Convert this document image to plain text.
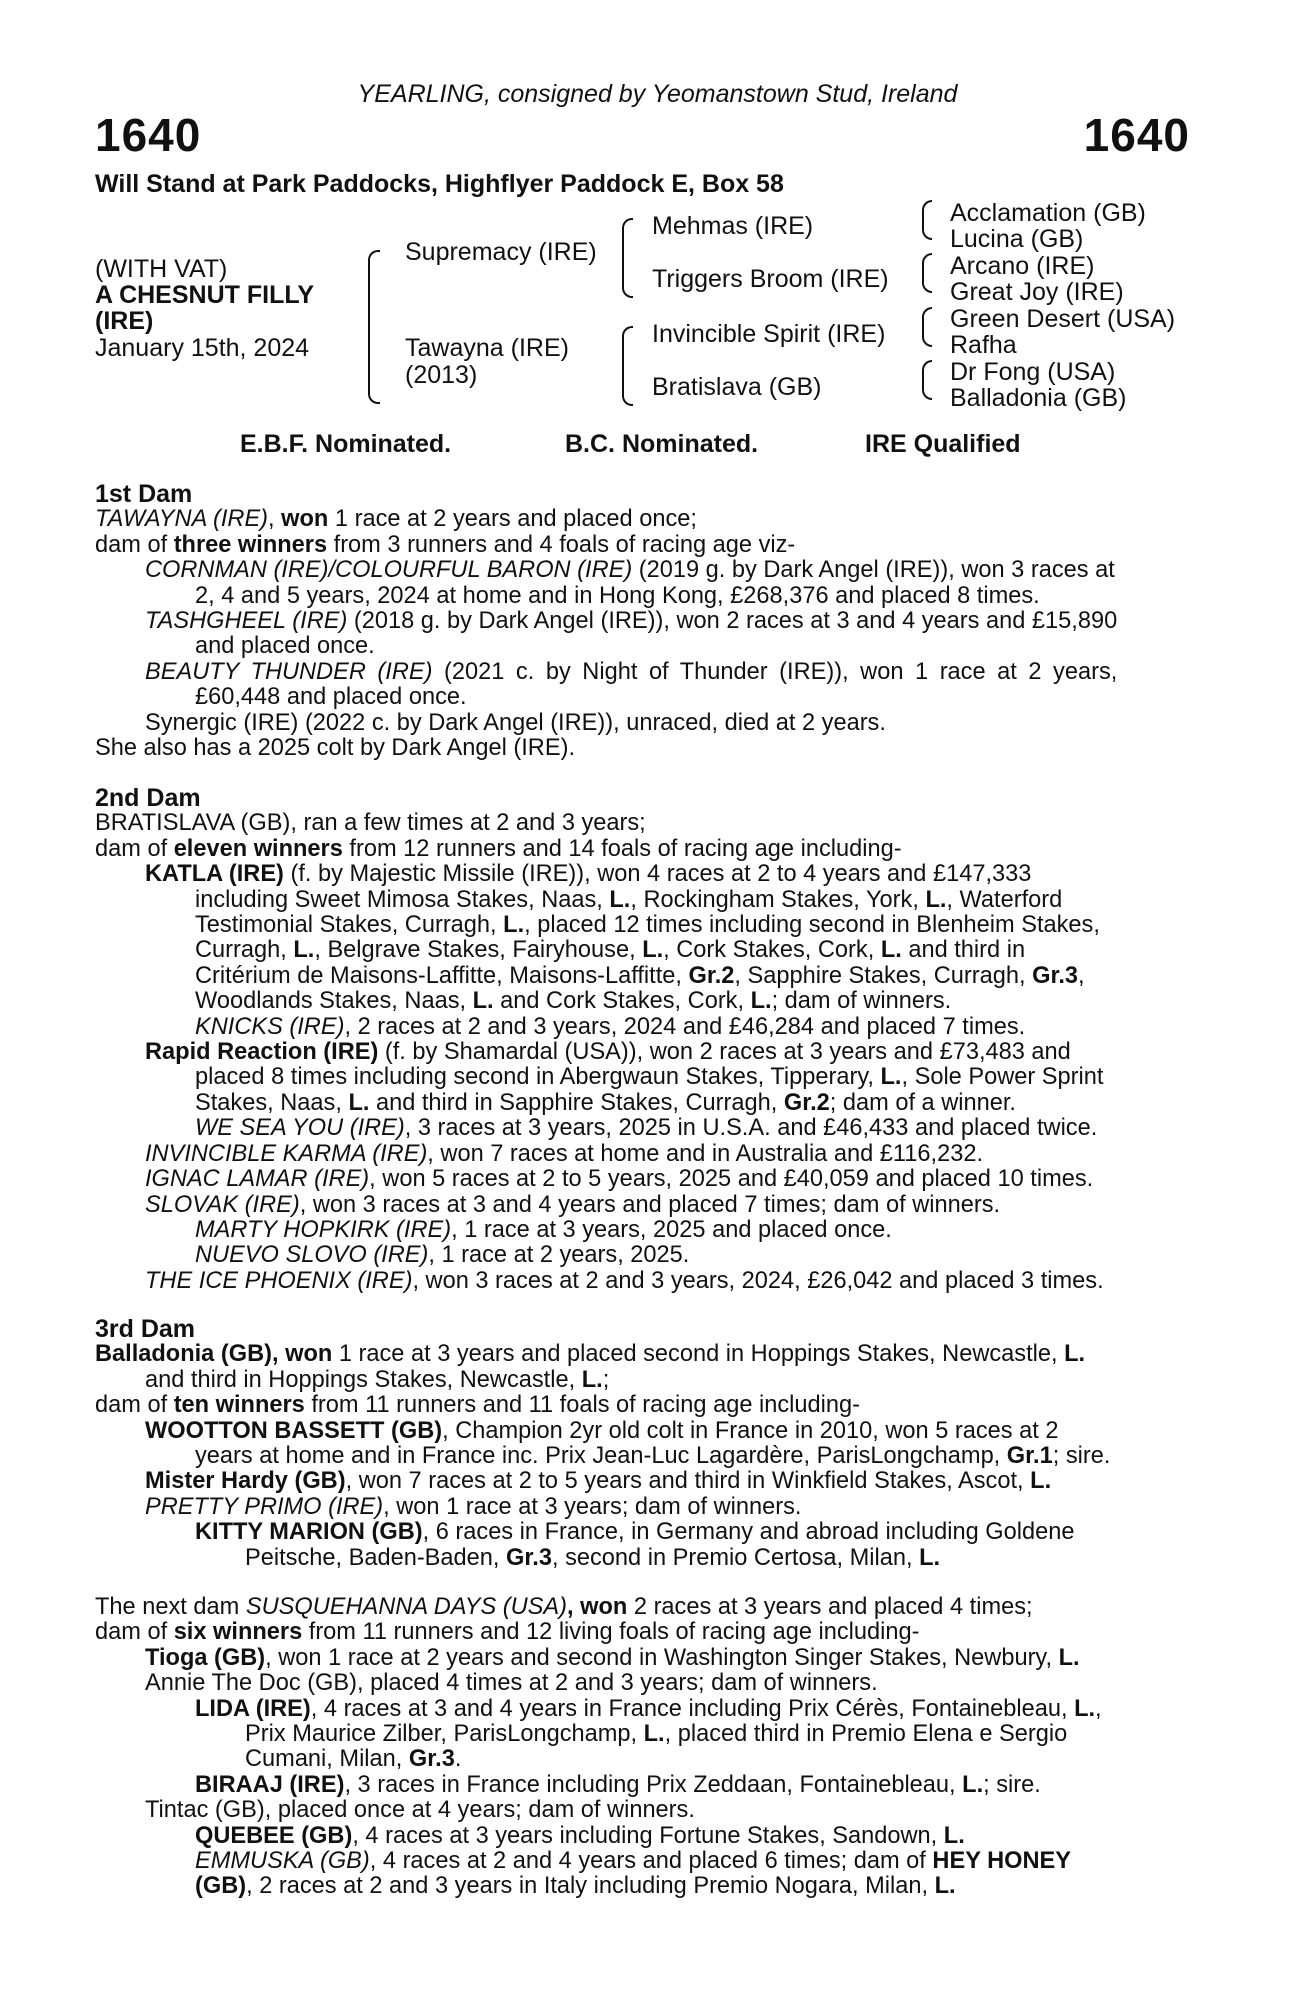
YEARLING, consigned by Yeomanstown Stud, Ireland
1640	1640
Will Stand at Park Paddocks, Highflyer Paddock E, Box 58
(WITH VAT)
A CHESNUT FILLY
(IRE)
January 15th, 2024
Supremacy (IRE)
Tawayna (IRE)
(2013)
Mehmas (IRE)
Triggers Broom (IRE)
Invincible Spirit (IRE)
Bratislava (GB)
Acclamation (GB)
Lucina (GB)
Arcano (IRE)
Great Joy (IRE)
Green Desert (USA)
Rafha
Dr Fong (USA)
Balladonia (GB)
E.B.F. Nominated.	B.C. Nominated.	IRE Qualified
1st Dam
TAWAYNA (IRE), won 1 race at 2 years and placed once;
dam of three winners from 3 runners and 4 foals of racing age viz-
CORNMAN (IRE)/COLOURFUL BARON (IRE) (2019 g. by Dark Angel (IRE)), won 3 races at
2, 4 and 5 years, 2024 at home and in Hong Kong, £268,376 and placed 8 times.
TASHGHEEL (IRE) (2018 g. by Dark Angel (IRE)), won 2 races at 3 and 4 years and £15,890
and placed once.
BEAUTY THUNDER (IRE) (2021 c. by Night of Thunder (IRE)), won 1 race at 2 years,
£60,448 and placed once.
Synergic (IRE) (2022 c. by Dark Angel (IRE)), unraced, died at 2 years.
She also has a 2025 colt by Dark Angel (IRE).
2nd Dam
BRATISLAVA (GB), ran a few times at 2 and 3 years;
dam of eleven winners from 12 runners and 14 foals of racing age including-
KATLA (IRE) (f. by Majestic Missile (IRE)), won 4 races at 2 to 4 years and £147,333
including Sweet Mimosa Stakes, Naas, L., Rockingham Stakes, York, L., Waterford
Testimonial Stakes, Curragh, L., placed 12 times including second in Blenheim Stakes,
Curragh, L., Belgrave Stakes, Fairyhouse, L., Cork Stakes, Cork, L. and third in
Critérium de Maisons-Laffitte, Maisons-Laffitte, Gr.2, Sapphire Stakes, Curragh, Gr.3,
Woodlands Stakes, Naas, L. and Cork Stakes, Cork, L.; dam of winners.
KNICKS (IRE), 2 races at 2 and 3 years, 2024 and £46,284 and placed 7 times.
Rapid Reaction (IRE) (f. by Shamardal (USA)), won 2 races at 3 years and £73,483 and
placed 8 times including second in Abergwaun Stakes, Tipperary, L., Sole Power Sprint
Stakes, Naas, L. and third in Sapphire Stakes, Curragh, Gr.2; dam of a winner.
WE SEA YOU (IRE), 3 races at 3 years, 2025 in U.S.A. and £46,433 and placed twice.
INVINCIBLE KARMA (IRE), won 7 races at home and in Australia and £116,232.
IGNAC LAMAR (IRE), won 5 races at 2 to 5 years, 2025 and £40,059 and placed 10 times.
SLOVAK (IRE), won 3 races at 3 and 4 years and placed 7 times; dam of winners.
MARTY HOPKIRK (IRE), 1 race at 3 years, 2025 and placed once.
NUEVO SLOVO (IRE), 1 race at 2 years, 2025.
THE ICE PHOENIX (IRE), won 3 races at 2 and 3 years, 2024, £26,042 and placed 3 times.
3rd Dam
Balladonia (GB), won 1 race at 3 years and placed second in Hoppings Stakes, Newcastle, L.
and third in Hoppings Stakes, Newcastle, L.;
dam of ten winners from 11 runners and 11 foals of racing age including-
WOOTTON BASSETT (GB), Champion 2yr old colt in France in 2010, won 5 races at 2
years at home and in France inc. Prix Jean-Luc Lagardère, ParisLongchamp, Gr.1; sire.
Mister Hardy (GB), won 7 races at 2 to 5 years and third in Winkfield Stakes, Ascot, L.
PRETTY PRIMO (IRE), won 1 race at 3 years; dam of winners.
KITTY MARION (GB), 6 races in France, in Germany and abroad including Goldene
Peitsche, Baden-Baden, Gr.3, second in Premio Certosa, Milan, L.
The next dam SUSQUEHANNA DAYS (USA), won 2 races at 3 years and placed 4 times;
dam of six winners from 11 runners and 12 living foals of racing age including-
Tioga (GB), won 1 race at 2 years and second in Washington Singer Stakes, Newbury, L.
Annie The Doc (GB), placed 4 times at 2 and 3 years; dam of winners.
LIDA (IRE), 4 races at 3 and 4 years in France including Prix Cérès, Fontainebleau, L.,
Prix Maurice Zilber, ParisLongchamp, L., placed third in Premio Elena e Sergio
Cumani, Milan, Gr.3.
BIRAAJ (IRE), 3 races in France including Prix Zeddaan, Fontainebleau, L.; sire.
Tintac (GB), placed once at 4 years; dam of winners.
QUEBEE (GB), 4 races at 3 years including Fortune Stakes, Sandown, L.
EMMUSKA (GB), 4 races at 2 and 4 years and placed 6 times; dam of HEY HONEY
(GB), 2 races at 2 and 3 years in Italy including Premio Nogara, Milan, L.
